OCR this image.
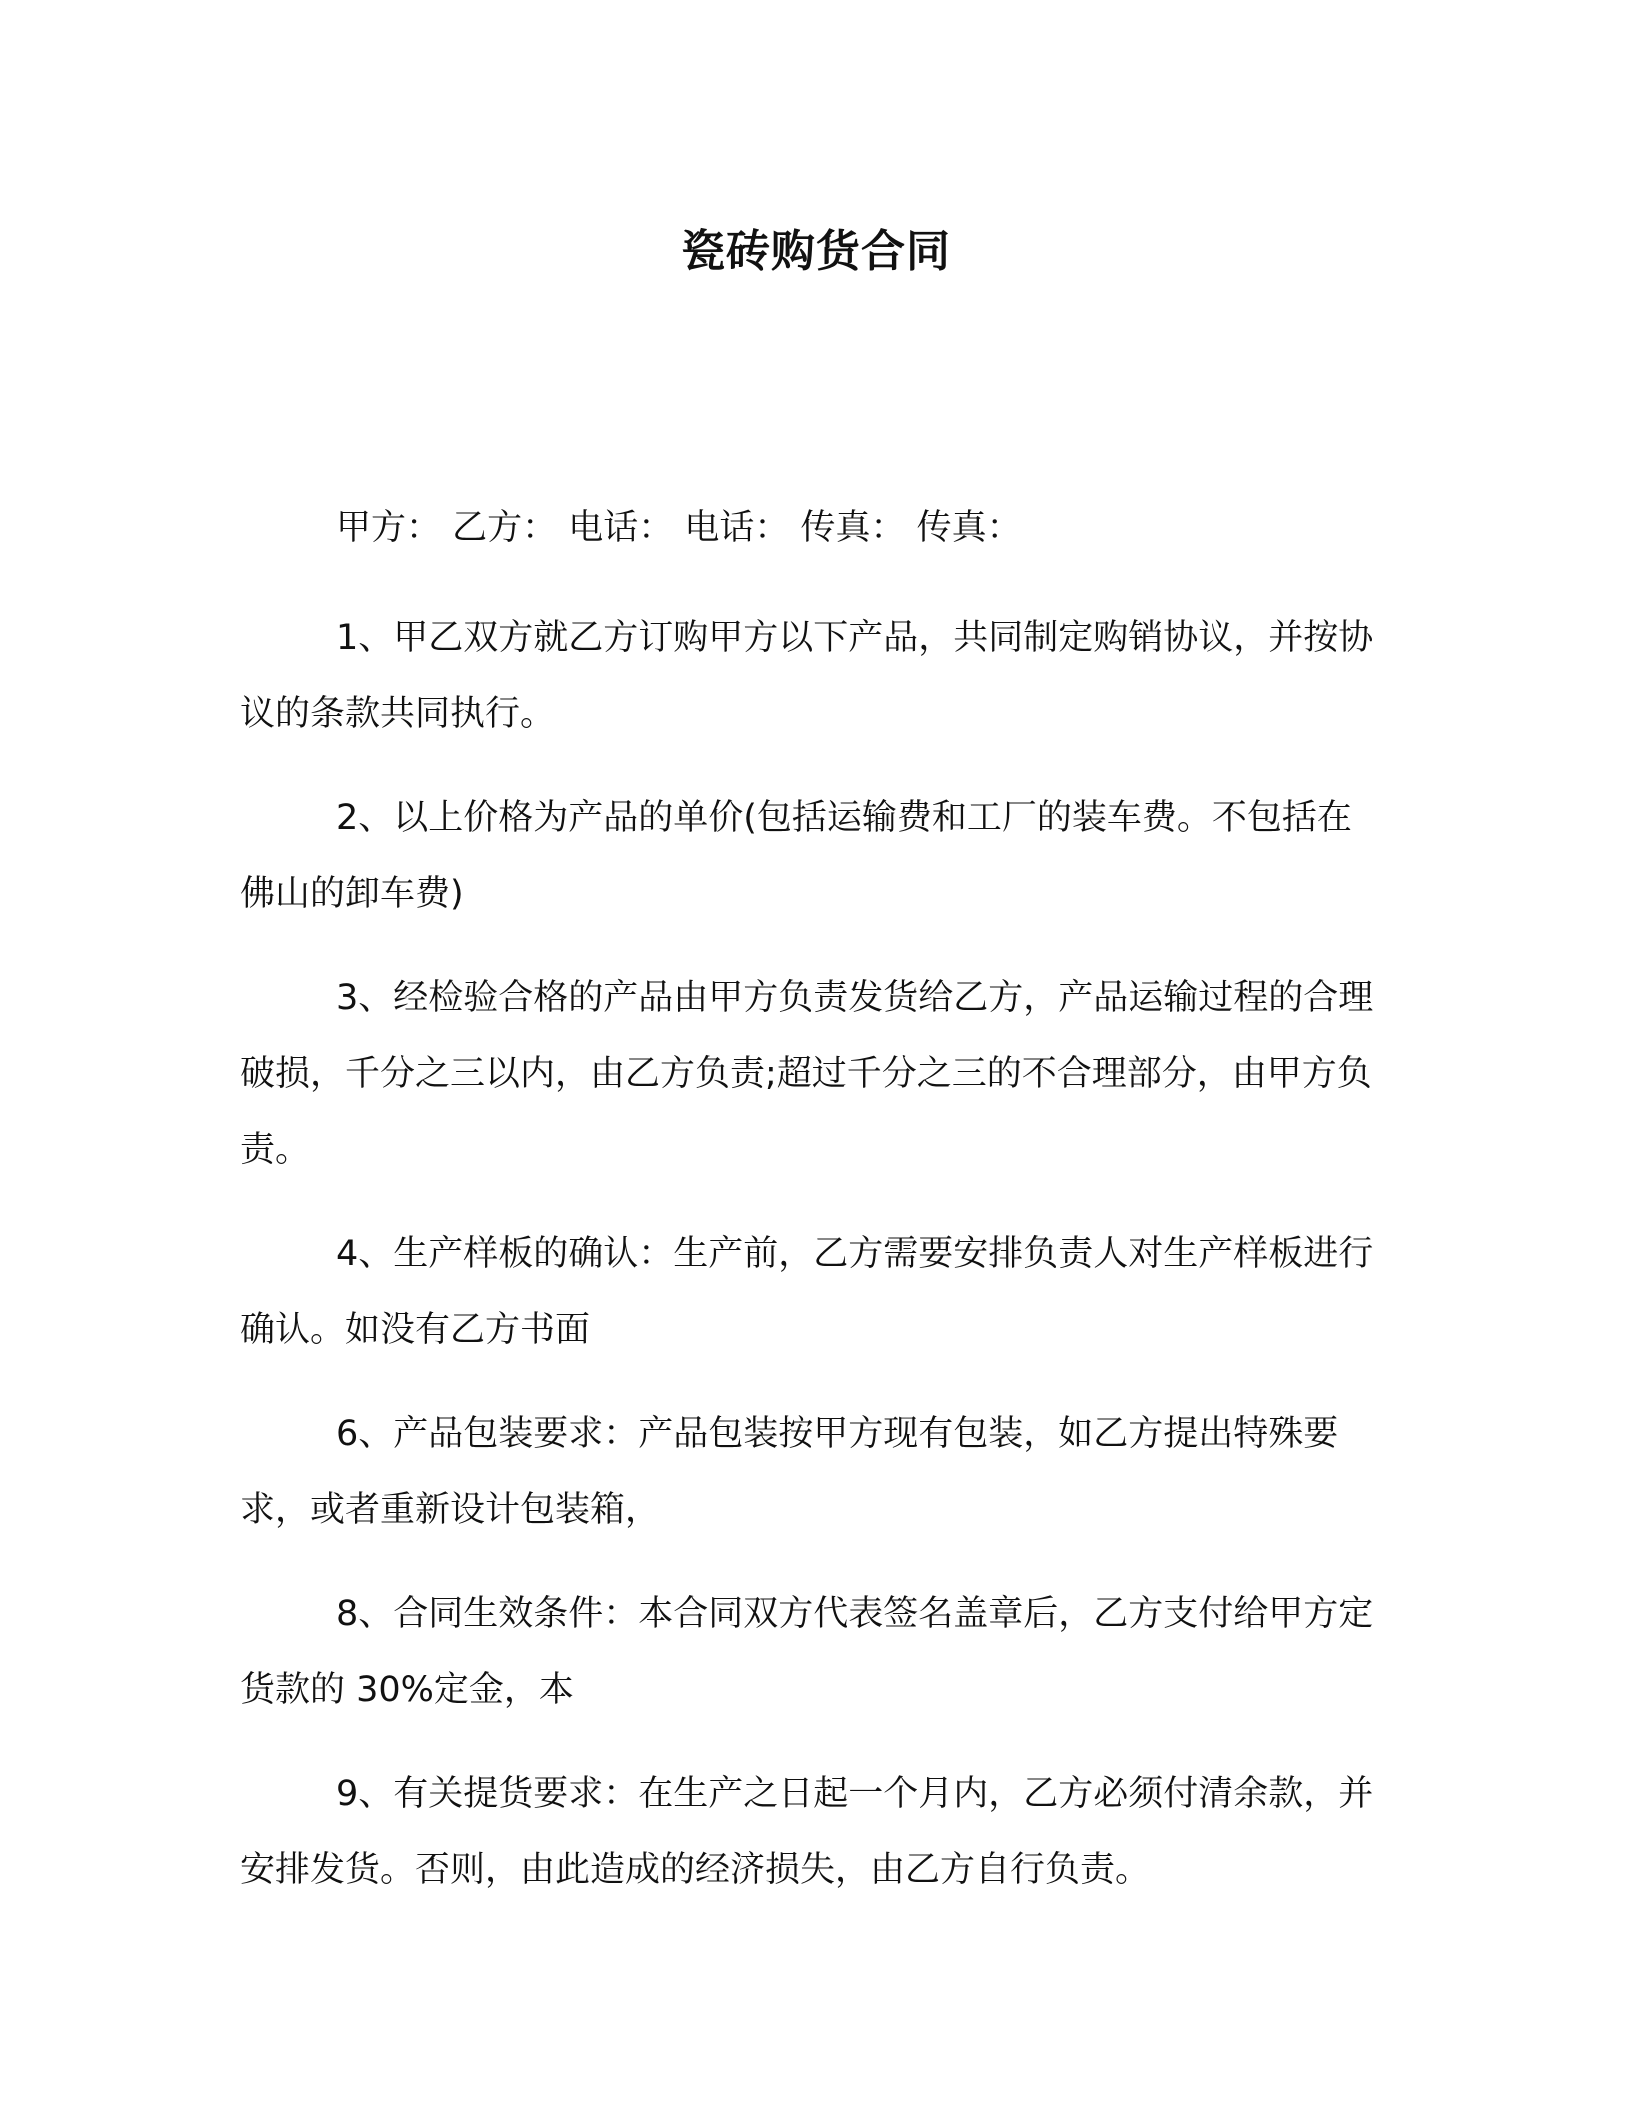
瓷砖购货合同

甲方： 乙方： 电话： 电话： 传真： 传真：

1、甲乙双方就乙方订购甲方以下产品，共同制定购销协议，并按协议的条款共同执行。

2、以上价格为产品的单价(包括运输费和工厂的装车费。不包括在佛山的卸车费)

3、经检验合格的产品由甲方负责发货给乙方，产品运输过程的合理破损，千分之三以内，由乙方负责;超过千分之三的不合理部分，由甲方负责。

4、生产样板的确认：生产前，乙方需要安排负责人对生产样板进行确认。如没有乙方书面

6、产品包装要求：产品包装按甲方现有包装，如乙方提出特殊要求，或者重新设计包装箱，

8、合同生效条件：本合同双方代表签名盖章后，乙方支付给甲方定货款的 30%定金，本

9、有关提货要求：在生产之日起一个月内，乙方必须付清余款，并安排发货。否则，由此造成的经济损失，由乙方自行负责。
